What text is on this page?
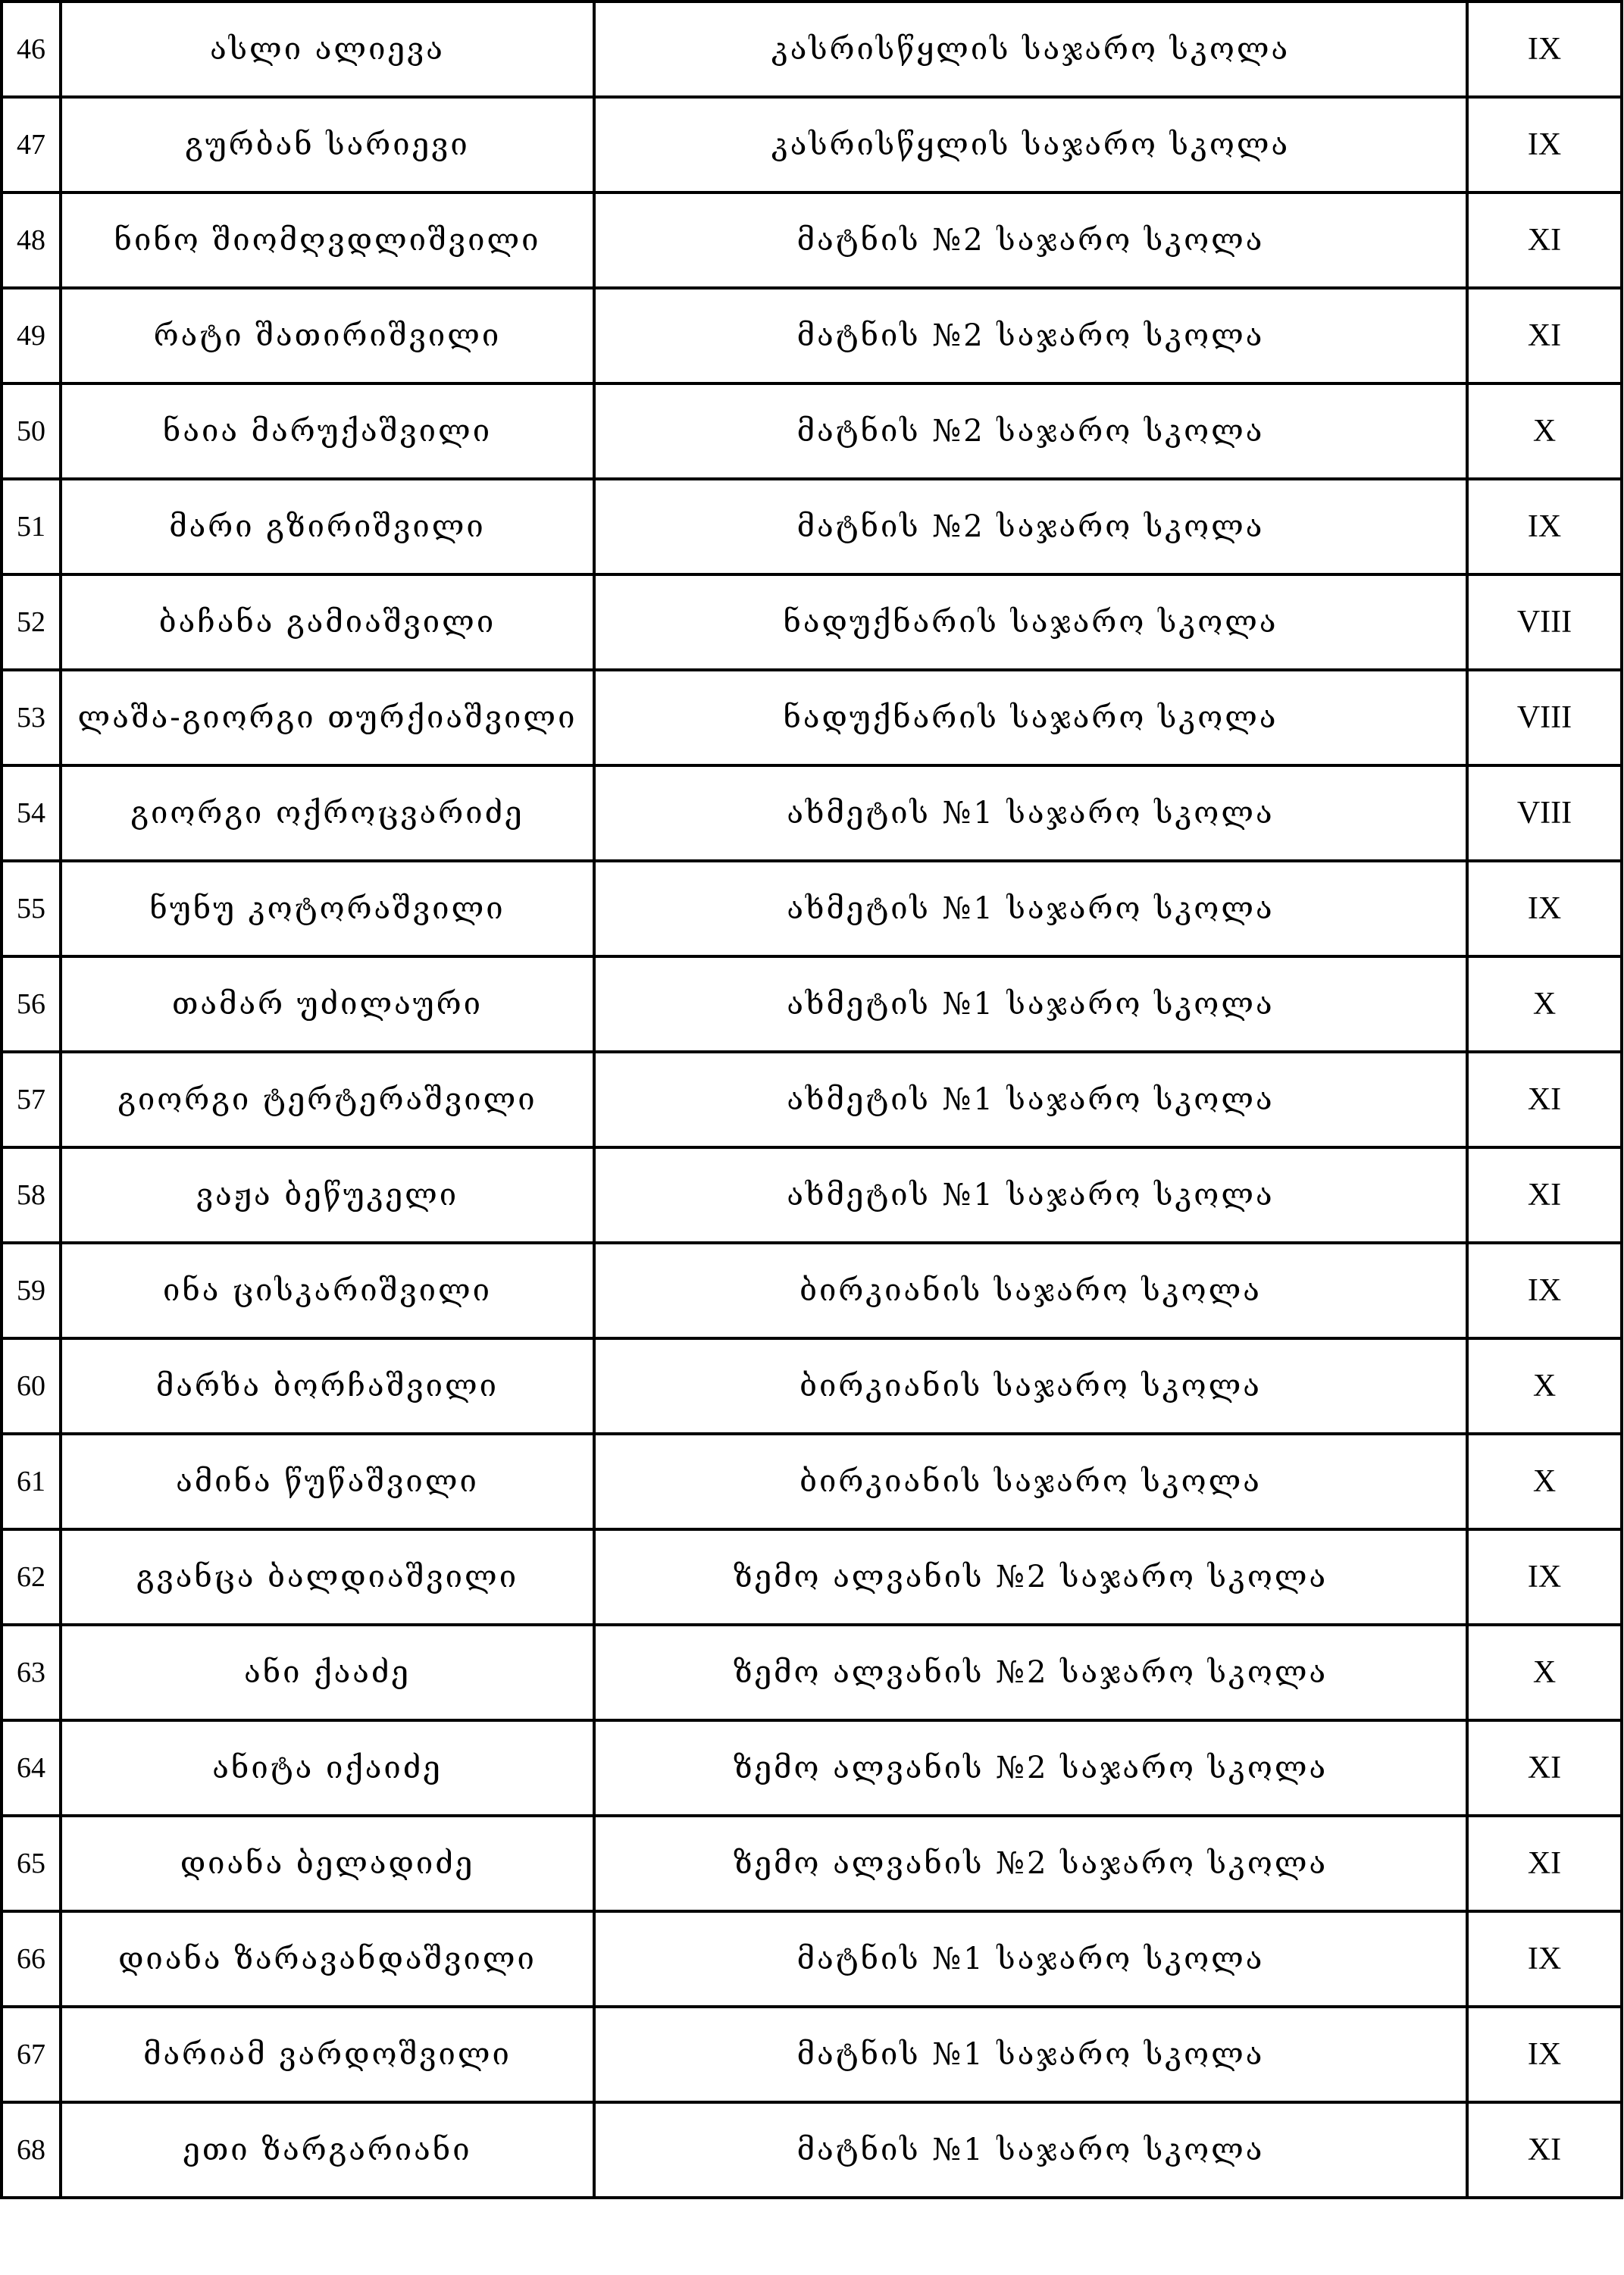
46	ასლი ალიევა	კასრისწყლის საჯარო სკოლა	IX
47	გურბან სარიევი	კასრისწყლის საჯარო სკოლა	IX
48	ნინო შიომღვდლიშვილი	მატნის №2 საჯარო სკოლა	XI
49	რატი შათირიშვილი	მატნის №2 საჯარო სკოლა	XI
50	ნაია მარუქაშვილი	მატნის №2 საჯარო სკოლა	X
51	მარი გზირიშვილი	მატნის №2 საჯარო სკოლა	IX
52	ბაჩანა გამიაშვილი	ნადუქნარის საჯარო სკოლა	VIII
53	ლაშა-გიორგი თურქიაშვილი	ნადუქნარის საჯარო სკოლა	VIII
54	გიორგი ოქროცვარიძე	ახმეტის №1 საჯარო სკოლა	VIII
55	ნუნუ კოტორაშვილი	ახმეტის №1 საჯარო სკოლა	IX
56	თამარ უძილაური	ახმეტის №1 საჯარო სკოლა	X
57	გიორგი ტერტერაშვილი	ახმეტის №1 საჯარო სკოლა	XI
58	ვაჟა ბეწუკელი	ახმეტის №1 საჯარო სკოლა	XI
59	ინა ცისკარიშვილი	ბირკიანის საჯარო სკოლა	IX
60	მარხა ბორჩაშვილი	ბირკიანის საჯარო სკოლა	X
61	ამინა წუწაშვილი	ბირკიანის საჯარო სკოლა	X
62	გვანცა ბალდიაშვილი	ზემო ალვანის №2 საჯარო სკოლა	IX
63	ანი ქააძე	ზემო ალვანის №2 საჯარო სკოლა	X
64	ანიტა იქაიძე	ზემო ალვანის №2 საჯარო სკოლა	XI
65	დიანა ბელადიძე	ზემო ალვანის №2 საჯარო სკოლა	XI
66	დიანა ზარავანდაშვილი	მატნის №1 საჯარო სკოლა	IX
67	მარიამ ვარდოშვილი	მატნის №1 საჯარო სკოლა	IX
68	ეთი ზარგარიანი	მატნის №1 საჯარო სკოლა	XI
